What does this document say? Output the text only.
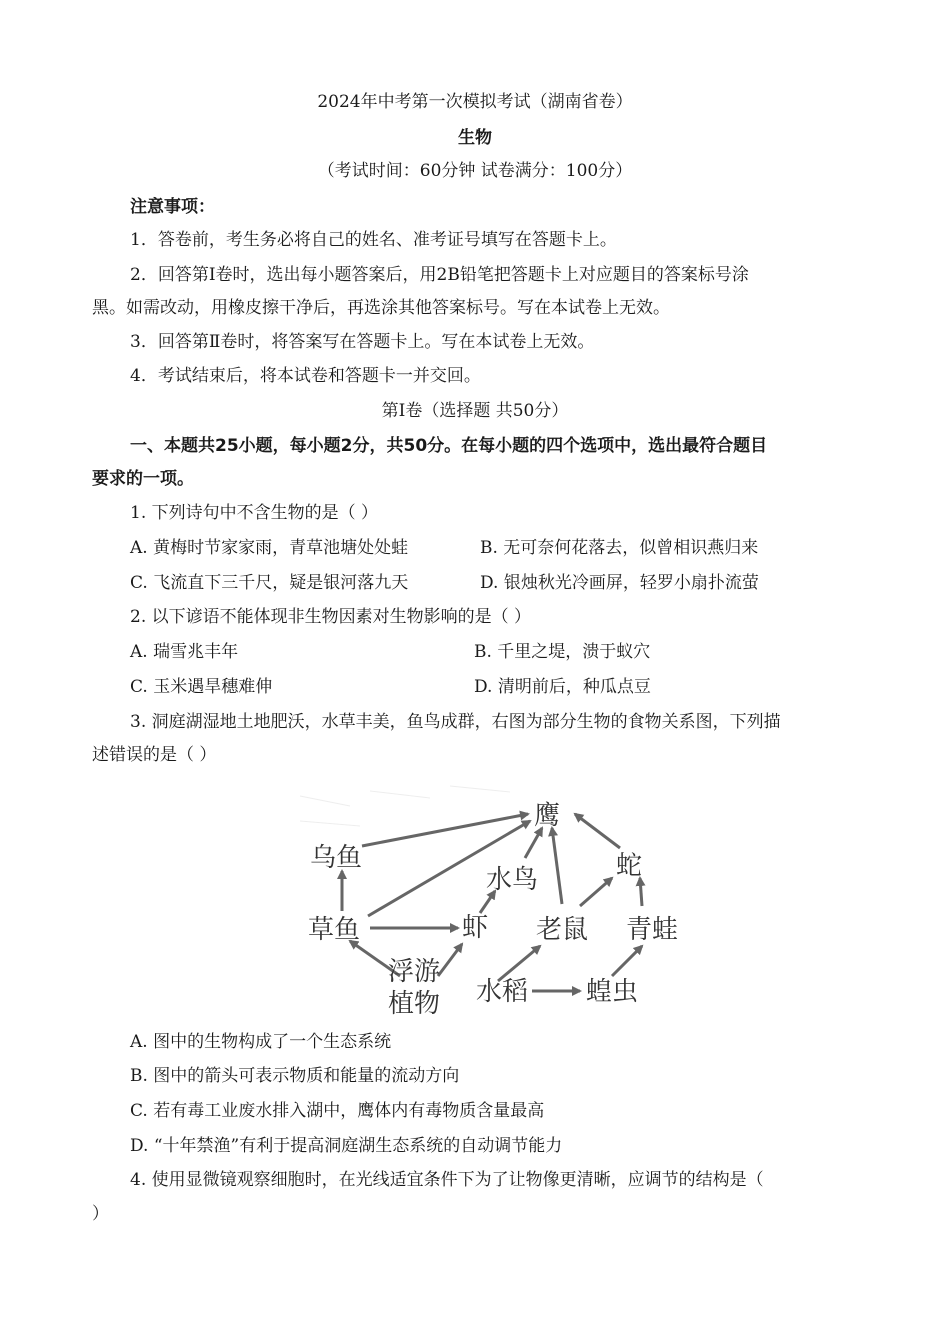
2024年中考第一次模拟考试（湖南省卷）
生物
（考试时间：60分钟 试卷满分：100分）
注意事项：
1．答卷前，考生务必将自己的姓名、准考证号填写在答题卡上。
2．回答第Ⅰ卷时，选出每小题答案后，用2B铅笔把答题卡上对应题目的答案标号涂
黑。如需改动，用橡皮擦干净后，再选涂其他答案标号。写在本试卷上无效。
3．回答第Ⅱ卷时，将答案写在答题卡上。写在本试卷上无效。
4．考试结束后，将本试卷和答题卡一并交回。
第Ⅰ卷（选择题 共50分）
一、本题共25小题，每小题2分，共50分。在每小题的四个选项中，选出最符合题目
要求的一项。
1. 下列诗句中不含生物的是（ ）
A. 黄梅时节家家雨，青草池塘处处蛙	B. 无可奈何花落去，似曾相识燕归来
C. 飞流直下三千尺，疑是银河落九天	D. 银烛秋光冷画屏，轻罗小扇扑流萤
2. 以下谚语不能体现非生物因素对生物影响的是（ ）
A. 瑞雪兆丰年	B. 千里之堤，溃于蚁穴
C. 玉米遇旱穗难伸	D. 清明前后，种瓜点豆
3. 洞庭湖湿地土地肥沃，水草丰美，鱼鸟成群，右图为部分生物的食物关系图，下列描
述错误的是（ ）
鹰
乌鱼
水鸟	蛇
草鱼	虾 老鼠 青蛙
浮游
植物 水稻 蝗虫
A. 图中的生物构成了一个生态系统
B. 图中的箭头可表示物质和能量的流动方向
C. 若有毒工业废水排入湖中，鹰体内有毒物质含量最高
D. “十年禁渔”有利于提高洞庭湖生态系统的自动调节能力
4. 使用显微镜观察细胞时，在光线适宜条件下为了让物像更清晰，应调节的结构是（
）
